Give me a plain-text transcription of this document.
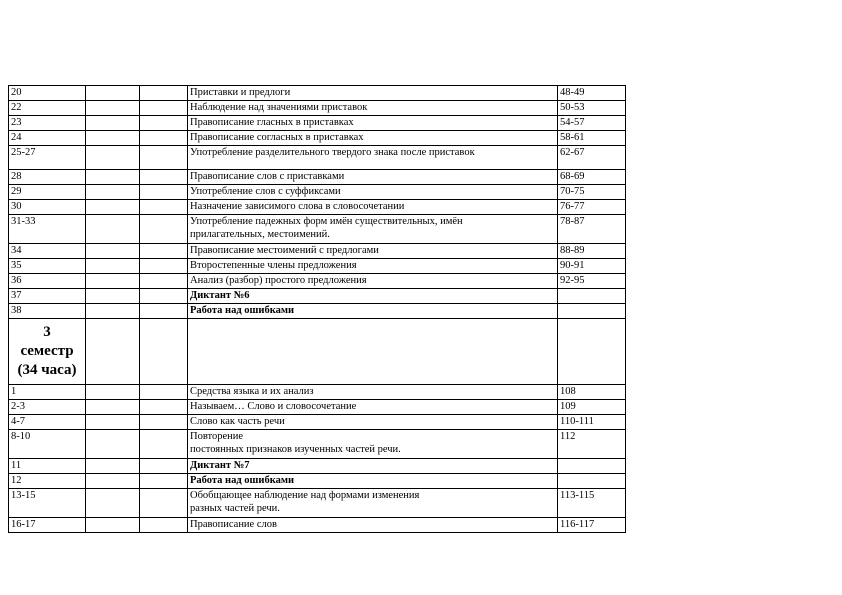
20			Приставки и предлоги	48-49
22			Наблюдение над значениями приставок	50-53
23			Правописание гласных в приставках	54-57
24			Правописание согласных в приставках	58-61
25-27			Употребление разделительного твердого знака после приставок	62-67
28			Правописание слов с приставками	68-69
29			Употребление слов с суффиксами	70-75
30			Назначение зависимого слова в словосочетании	76-77
31-33			Употребление падежных форм имён существительных, имён
прилагательных, местоимений.	78-87
34			Правописание местоимений с предлогами	88-89
35			Второстепенные члены предложения	90-91
36			Анализ (разбор) простого предложения	92-95
37			Диктант №6	
38			Работа над ошибками	
3
семестр
(34 часа)				
1			Средства языка и их анализ	108
2-3			Называем… Слово и словосочетание	109
4-7			Слово как часть речи	110-111
8-10			Повторение
постоянных признаков изученных частей речи.	112
11			Диктант №7	
12			Работа над ошибками	
13-15			Обобщающее наблюдение над формами изменения
разных частей речи.	113-115
16-17			Правописание слов	116-117
